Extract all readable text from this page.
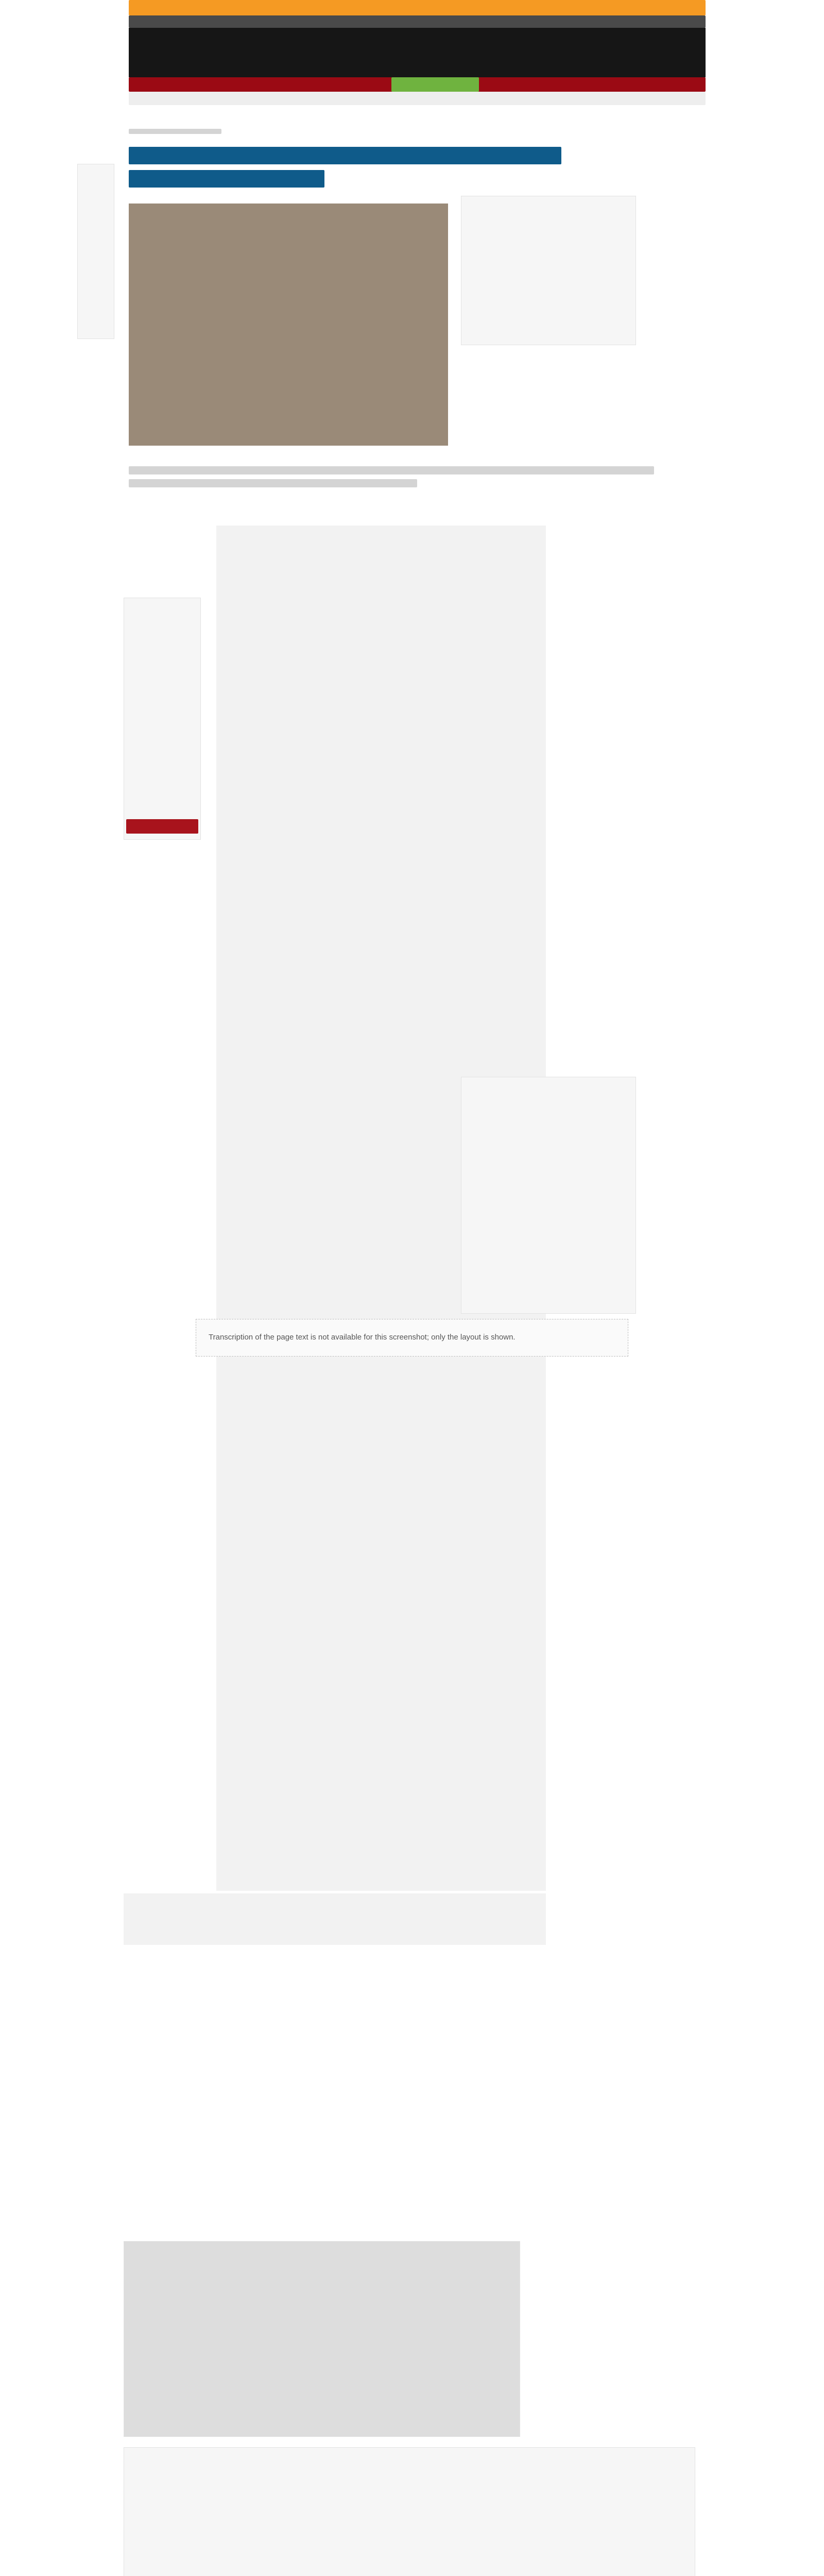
Transcription of the page text is not available for this screenshot; only the layout is shown.
